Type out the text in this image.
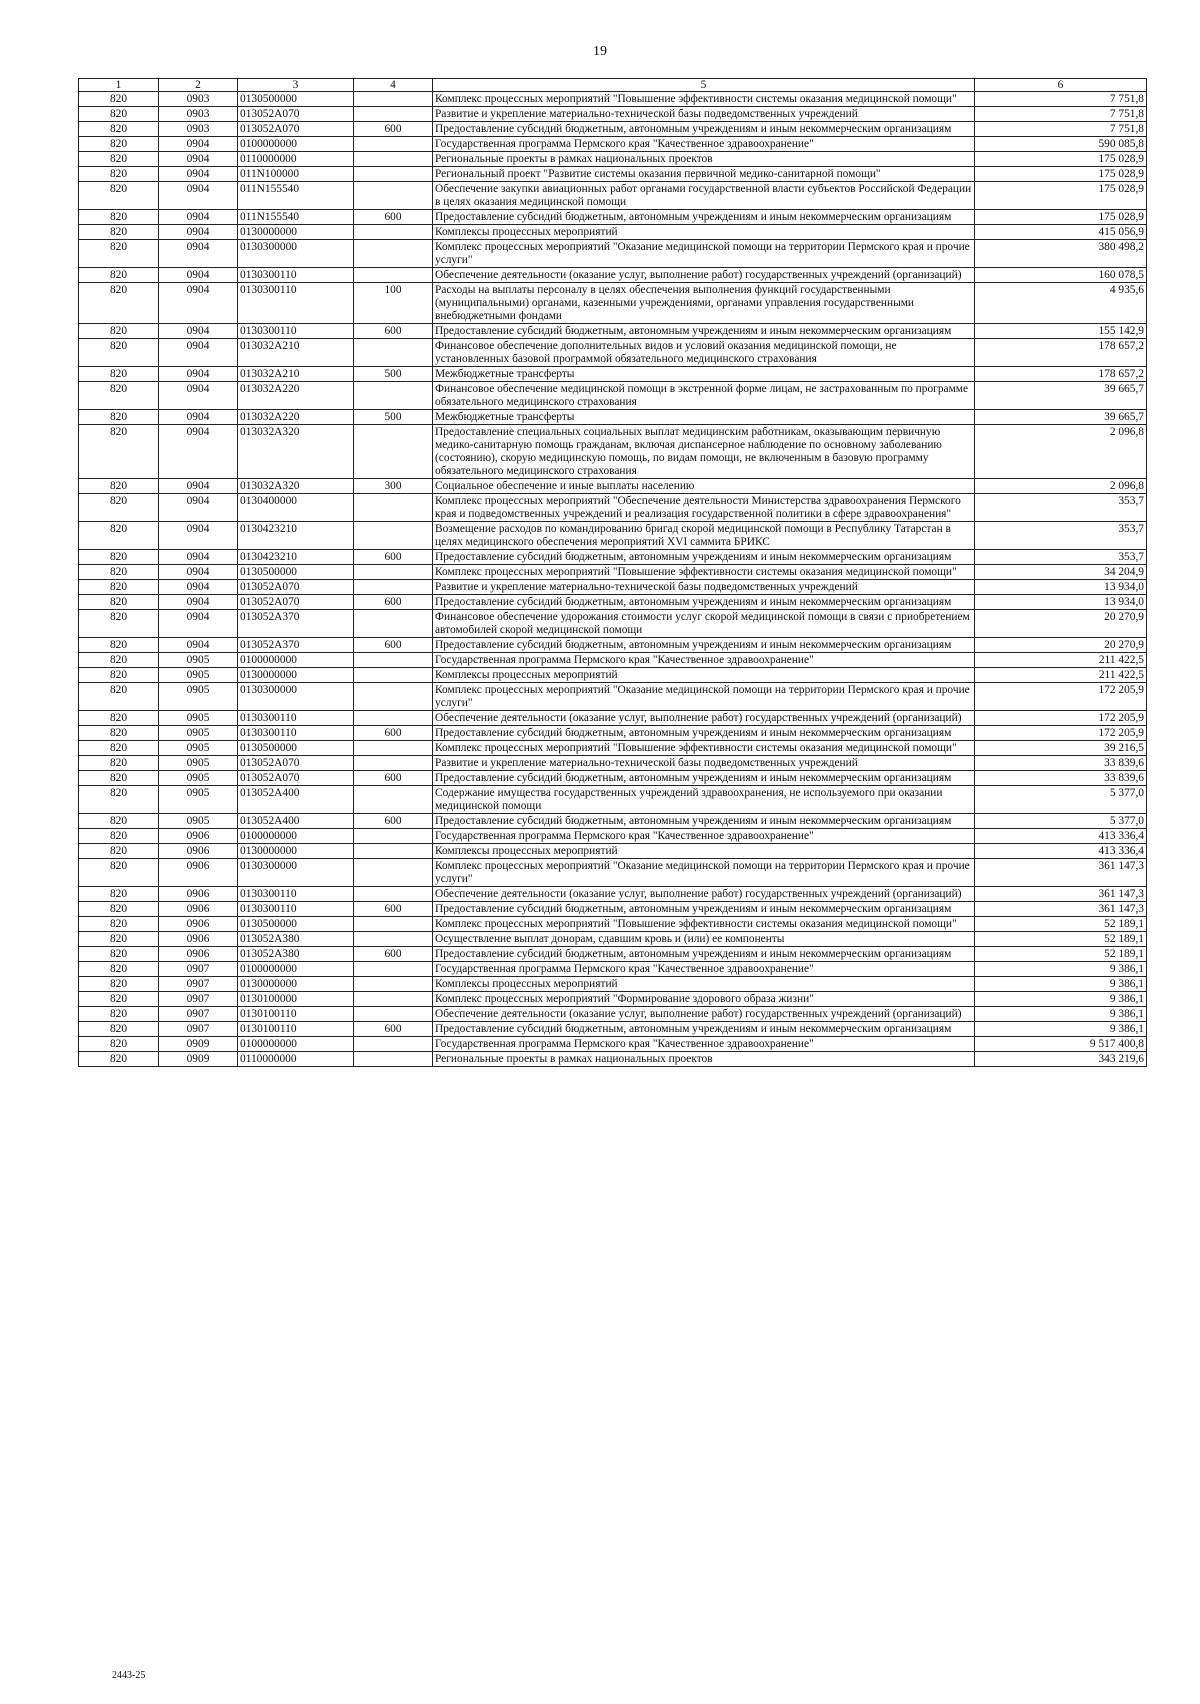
19
1	2	3	4	5	6
820	0903	0130500000		Комплекс процессных мероприятий "Повышение эффективности системы оказания медицинской помощи"	7 751,8
820	0903	013052A070		Развитие и укрепление материально-технической базы подведомственных учреждений	7 751,8
820	0903	013052A070	600	Предоставление субсидий бюджетным, автономным учреждениям и иным некоммерческим организациям	7 751,8
820	0904	0100000000		Государственная программа Пермского края "Качественное здравоохранение"	590 085,8
820	0904	0110000000		Региональные проекты в рамках национальных проектов	175 028,9
820	0904	011N100000		Региональный проект "Развитие системы оказания первичной медико-санитарной помощи"	175 028,9
820	0904	011N155540		Обеспечение закупки авиационных работ органами государственной власти субъектов Российской Федерации в целях оказания медицинской помощи	175 028,9
820	0904	011N155540	600	Предоставление субсидий бюджетным, автономным учреждениям и иным некоммерческим организациям	175 028,9
820	0904	0130000000		Комплексы процессных мероприятий	415 056,9
820	0904	0130300000		Комплекс процессных мероприятий "Оказание медицинской помощи на территории Пермского края и прочие услуги"	380 498,2
820	0904	0130300110		Обеспечение деятельности (оказание услуг, выполнение работ) государственных учреждений (организаций)	160 078,5
820	0904	0130300110	100	Расходы на выплаты персоналу в целях обеспечения выполнения функций государственными (муниципальными) органами, казенными учреждениями, органами управления государственными внебюджетными фондами	4 935,6
820	0904	0130300110	600	Предоставление субсидий бюджетным, автономным учреждениям и иным некоммерческим организациям	155 142,9
820	0904	013032A210		Финансовое обеспечение дополнительных видов и условий оказания медицинской помощи, не установленных базовой программой обязательного медицинского страхования	178 657,2
820	0904	013032A210	500	Межбюджетные трансферты	178 657,2
820	0904	013032A220		Финансовое обеспечение медицинской помощи в экстренной форме лицам, не застрахованным по программе обязательного медицинского страхования	39 665,7
820	0904	013032A220	500	Межбюджетные трансферты	39 665,7
820	0904	013032A320		Предоставление специальных социальных выплат медицинским работникам, оказывающим первичную медико-санитарную помощь гражданам, включая диспансерное наблюдение по основному заболеванию (состоянию), скорую медицинскую помощь, по видам помощи, не включенным в базовую программу обязательного медицинского страхования	2 096,8
820	0904	013032A320	300	Социальное обеспечение и иные выплаты населению	2 096,8
820	0904	0130400000		Комплекс процессных мероприятий "Обеспечение деятельности Министерства здравоохранения Пермского края и подведомственных учреждений и реализация государственной политики в сфере здравоохранения"	353,7
820	0904	0130423210		Возмещение расходов по командированию бригад скорой медицинской помощи в Республику Татарстан в целях медицинского обеспечения мероприятий XVI саммита БРИКС	353,7
820	0904	0130423210	600	Предоставление субсидий бюджетным, автономным учреждениям и иным некоммерческим организациям	353,7
820	0904	0130500000		Комплекс процессных мероприятий "Повышение эффективности системы оказания медицинской помощи"	34 204,9
820	0904	013052A070		Развитие и укрепление материально-технической базы подведомственных учреждений	13 934,0
820	0904	013052A070	600	Предоставление субсидий бюджетным, автономным учреждениям и иным некоммерческим организациям	13 934,0
820	0904	013052A370		Финансовое обеспечение удорожания стоимости услуг скорой медицинской помощи в связи с приобретением автомобилей скорой медицинской помощи	20 270,9
820	0904	013052A370	600	Предоставление субсидий бюджетным, автономным учреждениям и иным некоммерческим организациям	20 270,9
820	0905	0100000000		Государственная программа Пермского края "Качественное здравоохранение"	211 422,5
820	0905	0130000000		Комплексы процессных мероприятий	211 422,5
820	0905	0130300000		Комплекс процессных мероприятий "Оказание медицинской помощи на территории Пермского края и прочие услуги"	172 205,9
820	0905	0130300110		Обеспечение деятельности (оказание услуг, выполнение работ) государственных учреждений (организаций)	172 205,9
820	0905	0130300110	600	Предоставление субсидий бюджетным, автономным учреждениям и иным некоммерческим организациям	172 205,9
820	0905	0130500000		Комплекс процессных мероприятий "Повышение эффективности системы оказания медицинской помощи"	39 216,5
820	0905	013052A070		Развитие и укрепление материально-технической базы подведомственных учреждений	33 839,6
820	0905	013052A070	600	Предоставление субсидий бюджетным, автономным учреждениям и иным некоммерческим организациям	33 839,6
820	0905	013052A400		Содержание имущества государственных учреждений здравоохранения, не используемого при оказании медицинской помощи	5 377,0
820	0905	013052A400	600	Предоставление субсидий бюджетным, автономным учреждениям и иным некоммерческим организациям	5 377,0
820	0906	0100000000		Государственная программа Пермского края "Качественное здравоохранение"	413 336,4
820	0906	0130000000		Комплексы процессных мероприятий	413 336,4
820	0906	0130300000		Комплекс процессных мероприятий "Оказание медицинской помощи на территории Пермского края и прочие услуги"	361 147,3
820	0906	0130300110		Обеспечение деятельности (оказание услуг, выполнение работ) государственных учреждений (организаций)	361 147,3
820	0906	0130300110	600	Предоставление субсидий бюджетным, автономным учреждениям и иным некоммерческим организациям	361 147,3
820	0906	0130500000		Комплекс процессных мероприятий "Повышение эффективности системы оказания медицинской помощи"	52 189,1
820	0906	013052A380		Осуществление выплат донорам, сдавшим кровь и (или) ее компоненты	52 189,1
820	0906	013052A380	600	Предоставление субсидий бюджетным, автономным учреждениям и иным некоммерческим организациям	52 189,1
820	0907	0100000000		Государственная программа Пермского края "Качественное здравоохранение"	9 386,1
820	0907	0130000000		Комплексы процессных мероприятий	9 386,1
820	0907	0130100000		Комплекс процессных мероприятий "Формирование здорового образа жизни"	9 386,1
820	0907	0130100110		Обеспечение деятельности (оказание услуг, выполнение работ) государственных учреждений (организаций)	9 386,1
820	0907	0130100110	600	Предоставление субсидий бюджетным, автономным учреждениям и иным некоммерческим организациям	9 386,1
820	0909	0100000000		Государственная программа Пермского края "Качественное здравоохранение"	9 517 400,8
820	0909	0110000000		Региональные проекты в рамках национальных проектов	343 219,6
2443-25
